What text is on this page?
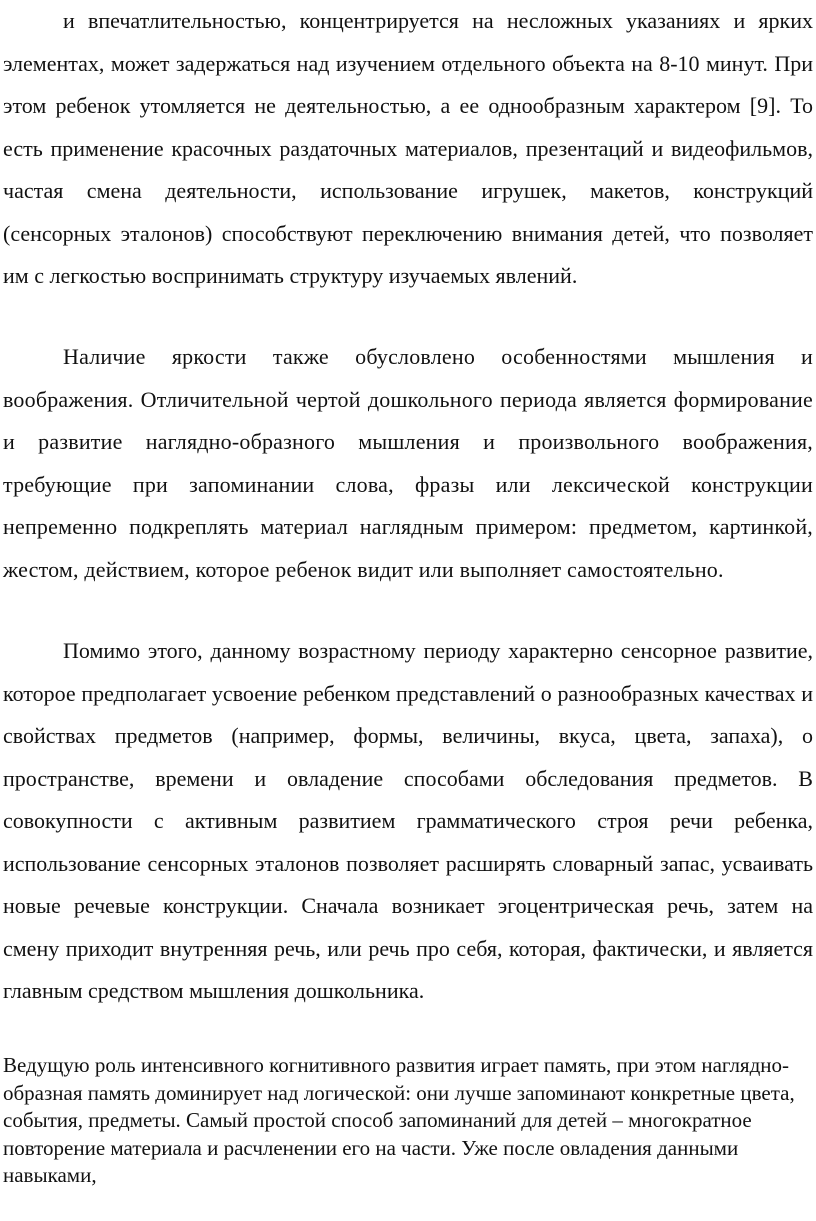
и впечатлительностью, концентрируется на несложных указаниях и ярких элементах, может задержаться над изучением отдельного объекта на 8-10 минут. При этом ребенок утомляется не деятельностью, а ее однообразным характером [9]. То есть применение красочных раздаточных материалов, презентаций и видеофильмов, частая смена деятельности, использование игрушек, макетов, конструкций (сенсорных эталонов) способствуют переключению внимания детей, что позволяет им с легкостью воспринимать структуру изучаемых явлений.

Наличие яркости также обусловлено особенностями мышления и воображения. Отличительной чертой дошкольного периода является формирование и развитие наглядно-образного мышления и произвольного воображения, требующие при запоминании слова, фразы или лексической конструкции непременно подкреплять материал наглядным примером: предметом, картинкой, жестом, действием, которое ребенок видит или выполняет самостоятельно.

Помимо этого, данному возрастному периоду характерно сенсорное развитие, которое предполагает усвоение ребенком представлений о разнообразных качествах и свойствах предметов (например, формы, величины, вкуса, цвета, запаха), о пространстве, времени и овладение способами обследования предметов. В совокупности с активным развитием грамматического строя речи ребенка, использование сенсорных эталонов позволяет расширять словарный запас, усваивать новые речевые конструкции. Сначала возникает эгоцентрическая речь, затем на смену приходит внутренняя речь, или речь про себя, которая, фактически, и является главным средством мышления дошкольника.

Ведущую роль интенсивного когнитивного развития играет память, при этом наглядно-образная память доминирует над логической: они лучше запоминают конкретные цвета, события, предметы. Самый простой способ запоминаний для детей – многократное повторение материала и расчленении его на части. Уже после овладения данными навыками,
